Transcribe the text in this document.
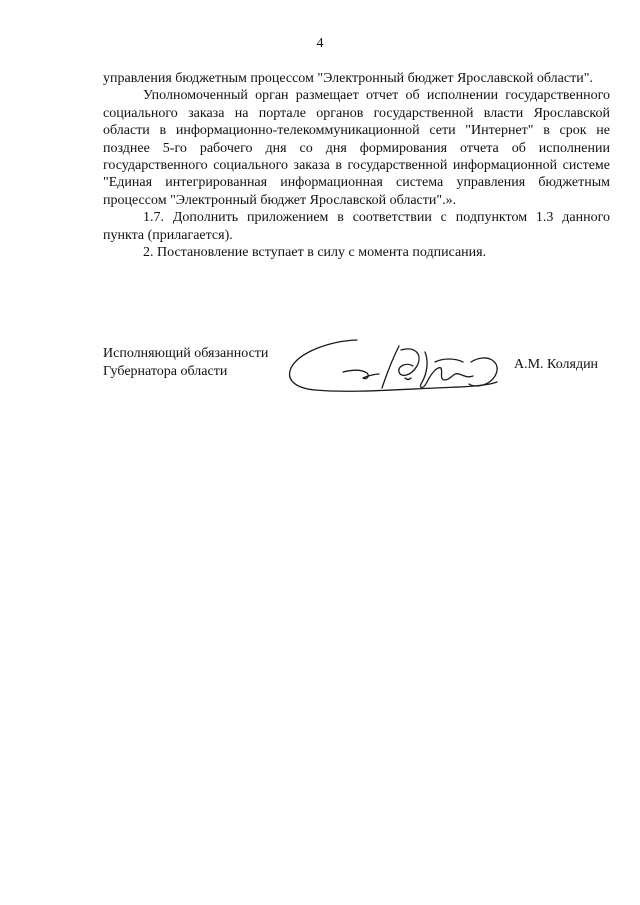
4

управления бюджетным процессом "Электронный бюджет Ярославской области".

Уполномоченный орган размещает отчет об исполнении государственного социального заказа на портале органов государственной власти Ярославской области в информационно-телекоммуникационной сети "Интернет" в срок не позднее 5-го рабочего дня со дня формирования отчета об исполнении государственного социального заказа в государственной информационной системе "Единая интегрированная информационная система управления бюджетным процессом "Электронный бюджет Ярославской области".».

1.7. Дополнить приложением в соответствии с подпунктом 1.3 данного пункта (прилагается).

2. Постановление вступает в силу с момента подписания.

Исполняющий обязанности
Губернатора области	А.М. Колядин
